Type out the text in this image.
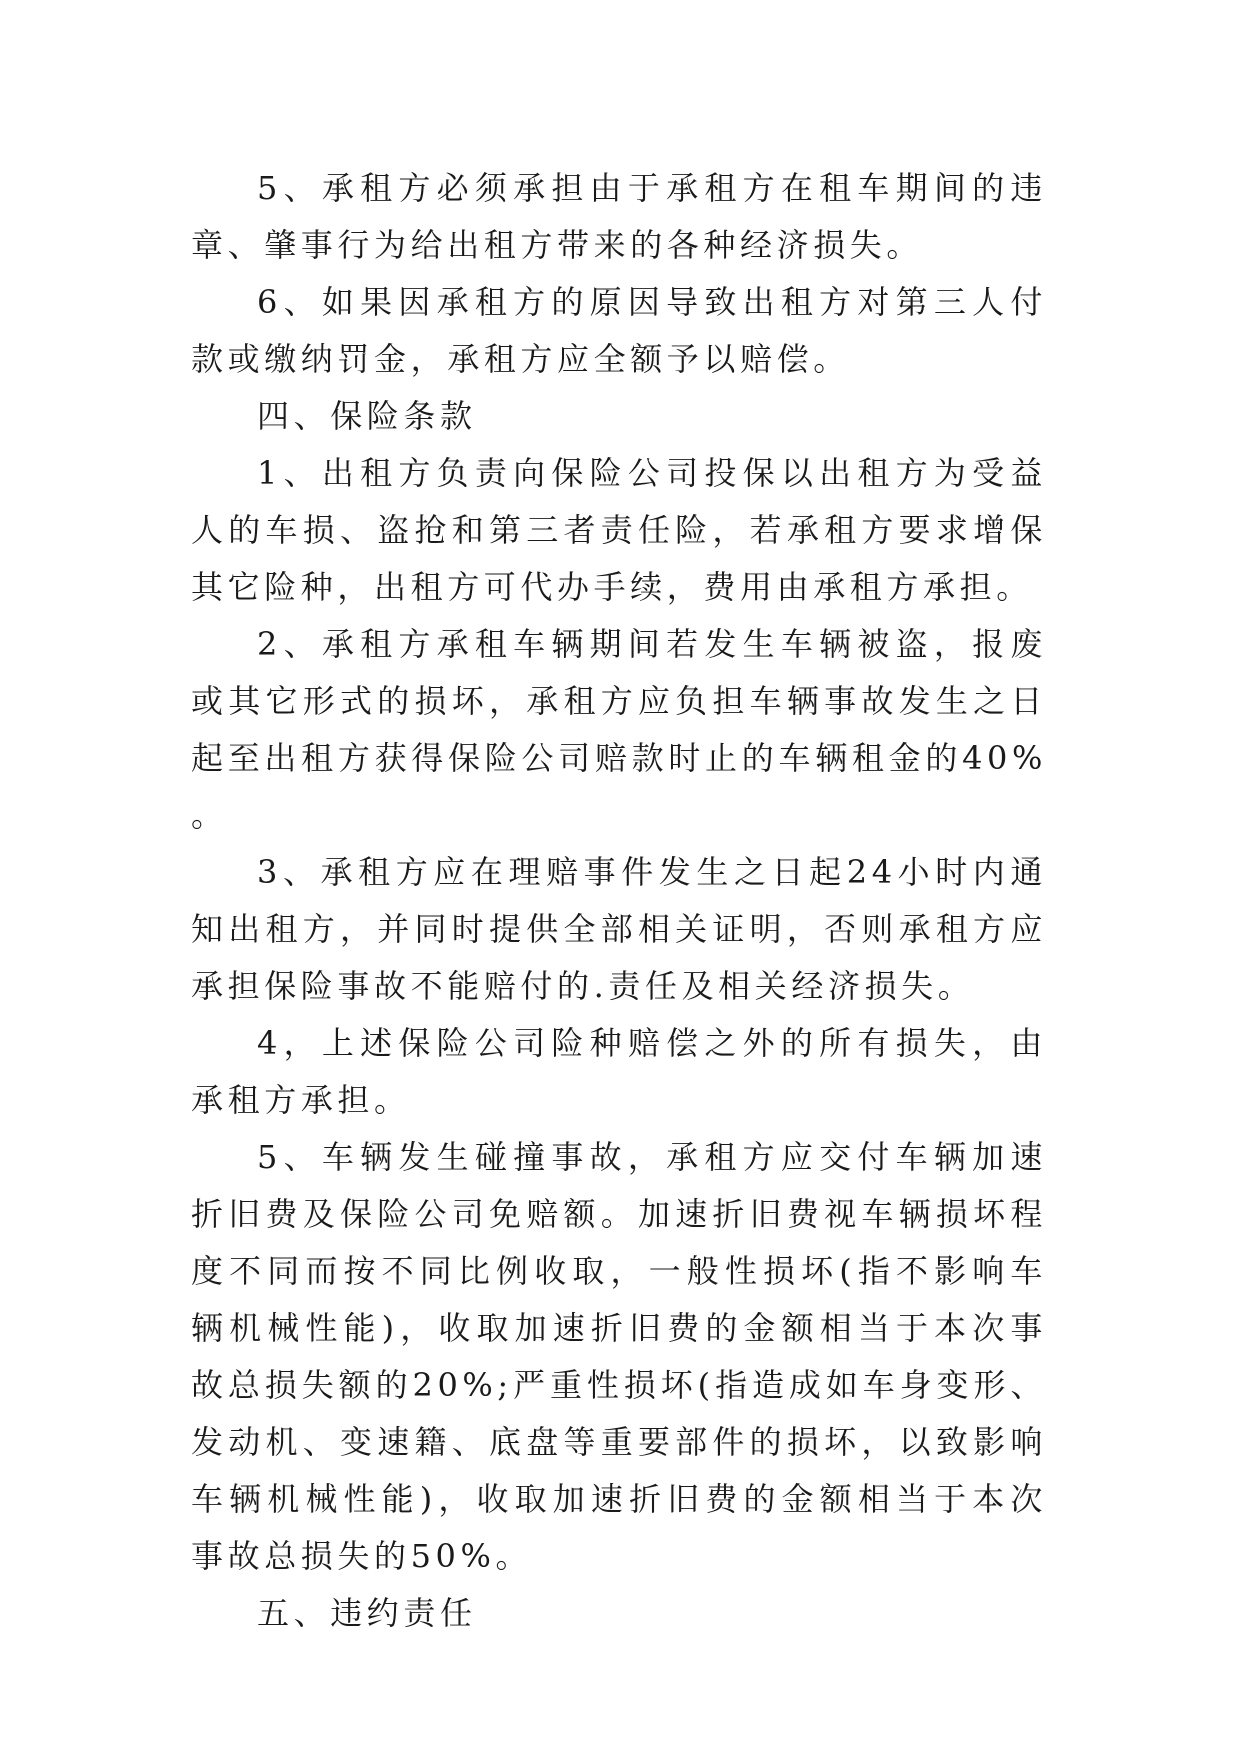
5、承租方必须承担由于承租方在租车期间的违章、肇事行为给出租方带来的各种经济损失。

6、如果因承租方的原因导致出租方对第三人付款或缴纳罚金，承租方应全额予以赔偿。

四、保险条款

1、出租方负责向保险公司投保以出租方为受益人的车损、盗抢和第三者责任险，若承租方要求增保其它险种，出租方可代办手续，费用由承租方承担。

2、承租方承租车辆期间若发生车辆被盗，报废或其它形式的损坏，承租方应负担车辆事故发生之日起至出租方获得保险公司赔款时止的车辆租金的40%。

3、承租方应在理赔事件发生之日起24小时内通知出租方，并同时提供全部相关证明，否则承租方应承担保险事故不能赔付的.责任及相关经济损失。

4，上述保险公司险种赔偿之外的所有损失，由承租方承担。

5、车辆发生碰撞事故，承租方应交付车辆加速折旧费及保险公司免赔额。加速折旧费视车辆损坏程度不同而按不同比例收取，一般性损坏(指不影响车辆机械性能)，收取加速折旧费的金额相当于本次事故总损失额的20%;严重性损坏(指造成如车身变形、发动机、变速籍、底盘等重要部件的损坏，以致影响车辆机械性能)，收取加速折旧费的金额相当于本次事故总损失的50%。

五、违约责任
